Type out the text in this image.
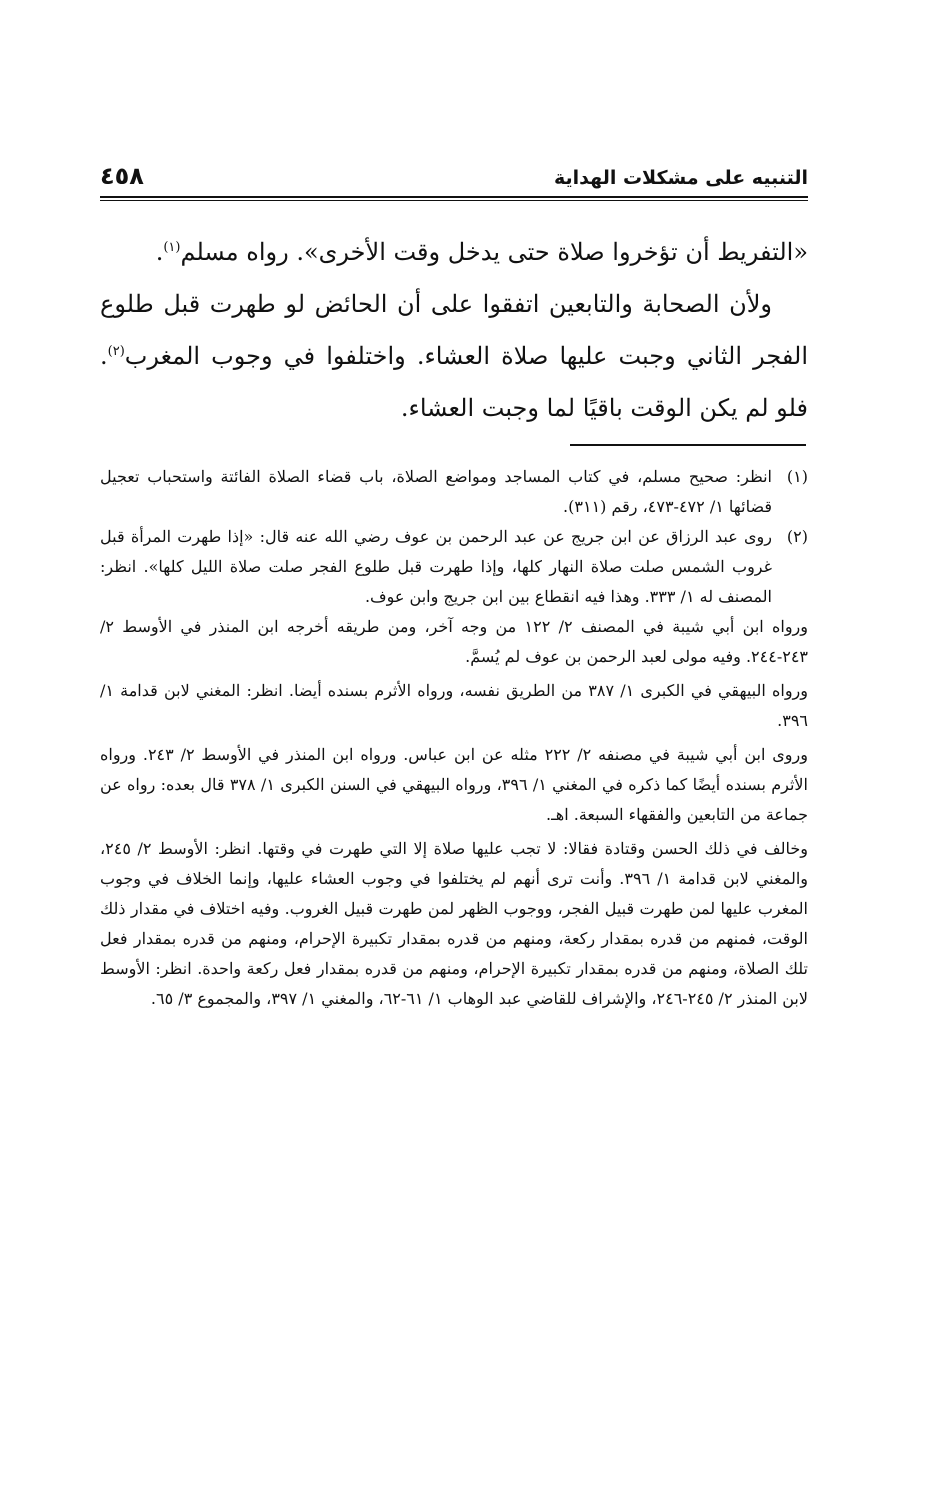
التنبيه على مشكلات الهداية
٤٥٨

«التفريط أن تؤخروا صلاة حتى يدخل وقت الأخرى». رواه مسلم$^{(١)}$.

ولأن الصحابة والتابعين اتفقوا على أن الحائض لو طهرت قبل طلوع الفجر الثاني وجبت عليها صلاة العشاء. واختلفوا في وجوب المغرب$^{(٢)}$. فلو لم يكن الوقت باقيًا لما وجبت العشاء.

(١)
انظر: صحيح مسلم، في كتاب المساجد ومواضع الصلاة، باب قضاء الصلاة الفائتة واستحباب تعجيل قضائها ١/ ٤٧٢-٤٧٣، رقم (٣١١).
(٢)
روى عبد الرزاق عن ابن جريج عن عبد الرحمن بن عوف رضي الله عنه قال: «إذا طهرت المرأة قبل غروب الشمس صلت صلاة النهار كلها، وإذا طهرت قبل طلوع الفجر صلت صلاة الليل كلها». انظر: المصنف له ١/ ٣٣٣. وهذا فيه انقطاع بين ابن جريج وابن عوف.

ورواه ابن أبي شيبة في المصنف ٢/ ١٢٢ من وجه آخر، ومن طريقه أخرجه ابن المنذر في الأوسط ٢/ ٢٤٣-٢٤٤. وفيه مولى لعبد الرحمن بن عوف لم يُسمَّ.

ورواه البيهقي في الكبرى ١/ ٣٨٧ من الطريق نفسه، ورواه الأثرم بسنده أيضا. انظر: المغني لابن قدامة ١/ ٣٩٦.

وروى ابن أبي شيبة في مصنفه ٢/ ٢٢٢ مثله عن ابن عباس. ورواه ابن المنذر في الأوسط ٢/ ٢٤٣. ورواه الأثرم بسنده أيضًا كما ذكره في المغني ١/ ٣٩٦، ورواه البيهقي في السنن الكبرى ١/ ٣٧٨ قال بعده: رواه عن جماعة من التابعين والفقهاء السبعة. اهـ.

وخالف في ذلك الحسن وقتادة فقالا: لا تجب عليها صلاة إلا التي طهرت في وقتها. انظر: الأوسط ٢/ ٢٤٥، والمغني لابن قدامة ١/ ٣٩٦. وأنت ترى أنهم لم يختلفوا في وجوب العشاء عليها، وإنما الخلاف في وجوب المغرب عليها لمن طهرت قبيل الفجر، ووجوب الظهر لمن طهرت قبيل الغروب. وفيه اختلاف في مقدار ذلك الوقت، فمنهم من قدره بمقدار ركعة، ومنهم من قدره بمقدار تكبيرة الإحرام، ومنهم من قدره بمقدار فعل تلك الصلاة، ومنهم من قدره بمقدار تكبيرة الإحرام، ومنهم من قدره بمقدار فعل ركعة واحدة. انظر: الأوسط لابن المنذر ٢/ ٢٤٥-٢٤٦، والإشراف للقاضي عبد الوهاب ١/ ٦١-٦٢، والمغني ١/ ٣٩٧، والمجموع ٣/ ٦٥.
